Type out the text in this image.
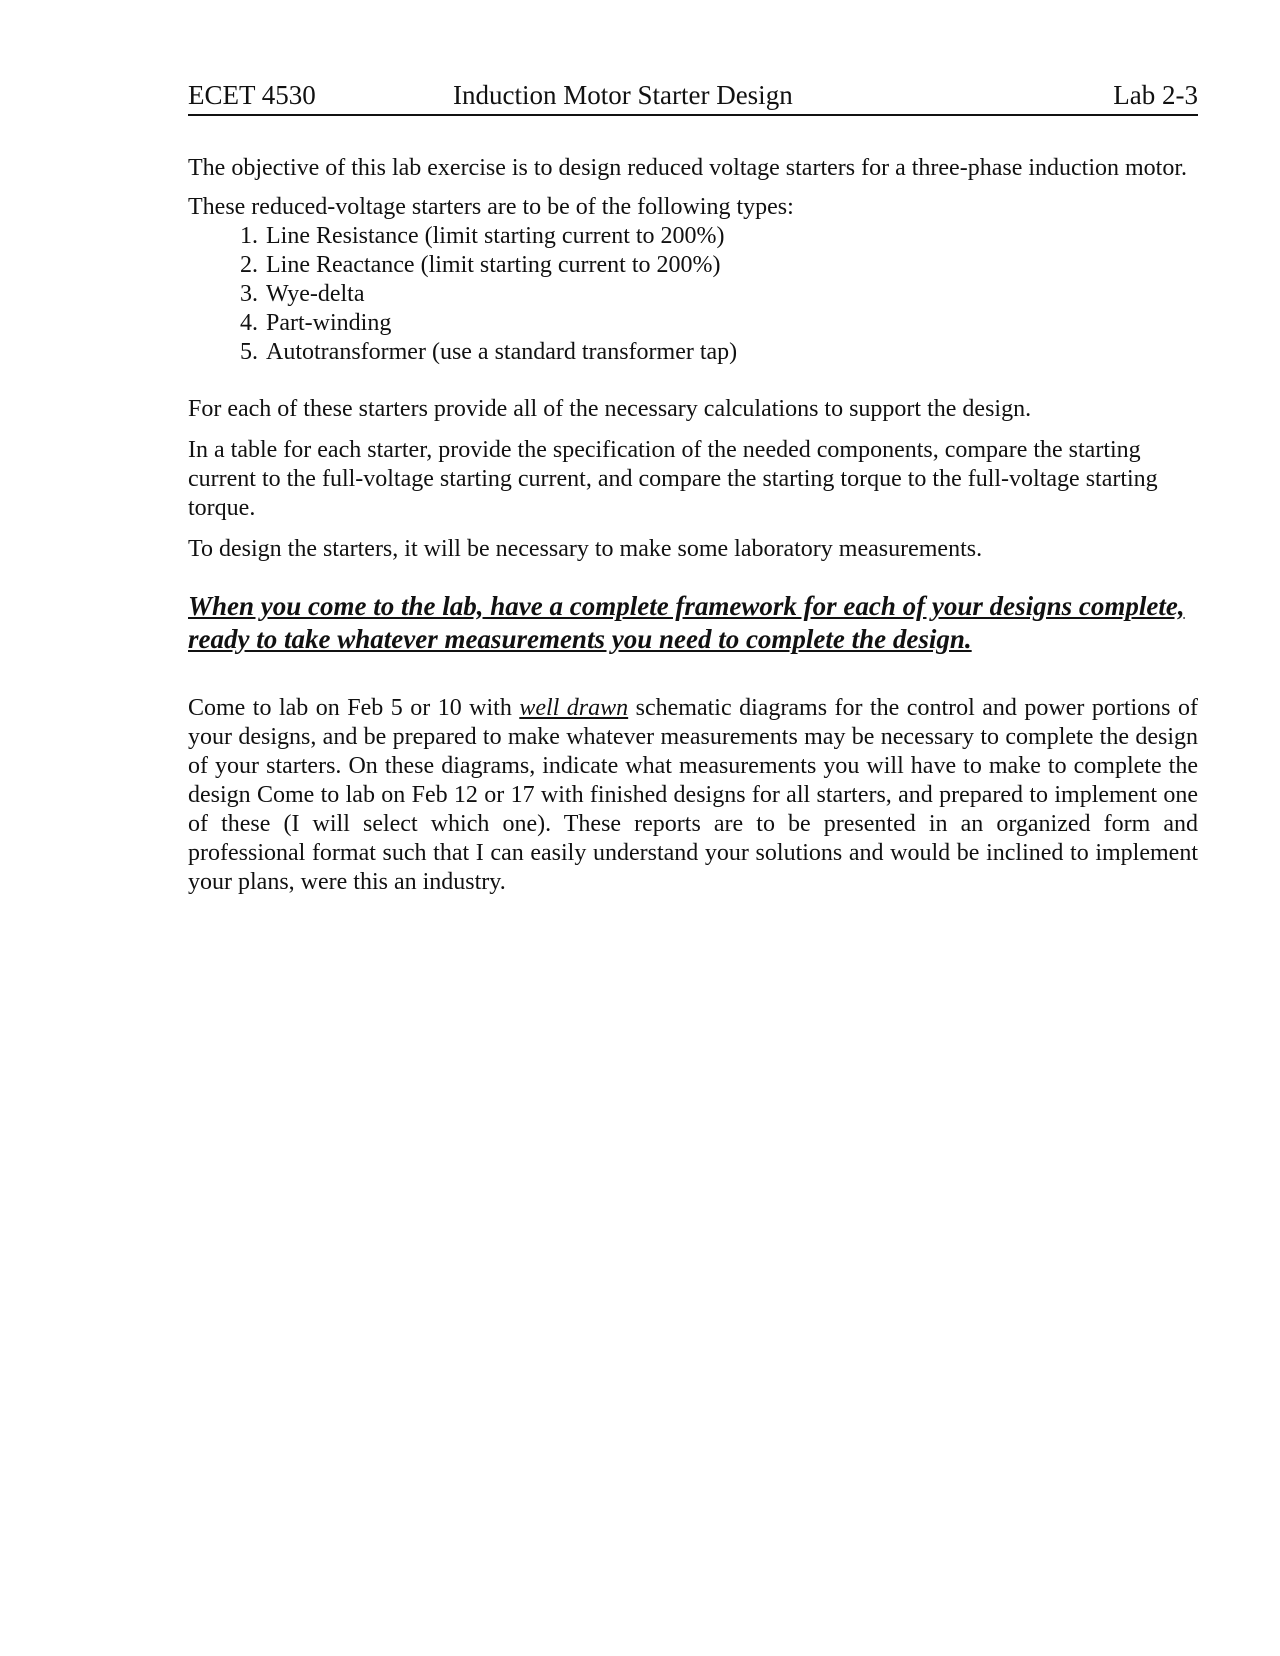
ECET 4530	Induction Motor Starter Design	Lab 2-3

The objective of this lab exercise is to design reduced voltage starters for a three-phase induction motor.

These reduced-voltage starters are to be of the following types:

1. Line Resistance (limit starting current to 200%)
2. Line Reactance (limit starting current to 200%)
3. Wye-delta
4. Part-winding
5. Autotransformer (use a standard transformer tap)

For each of these starters provide all of the necessary calculations to support the design.

In a table for each starter, provide the specification of the needed components, compare the starting current to the full-voltage starting current, and compare the starting torque to the full-voltage starting torque.

To design the starters, it will be necessary to make some laboratory measurements.

When you come to the lab, have a complete framework for each of your designs complete, ready to take whatever measurements you need to complete the design.

Come to lab on Feb 5 or 10 with well drawn schematic diagrams for the control and power portions of your designs, and be prepared to make whatever measurements may be necessary to complete the design of your starters. On these diagrams, indicate what measurements you will have to make to complete the design Come to lab on Feb 12 or 17 with finished designs for all starters, and prepared to implement one of these (I will select which one). These reports are to be presented in an organized form and professional format such that I can easily understand your solutions and would be inclined to implement your plans, were this an industry.
